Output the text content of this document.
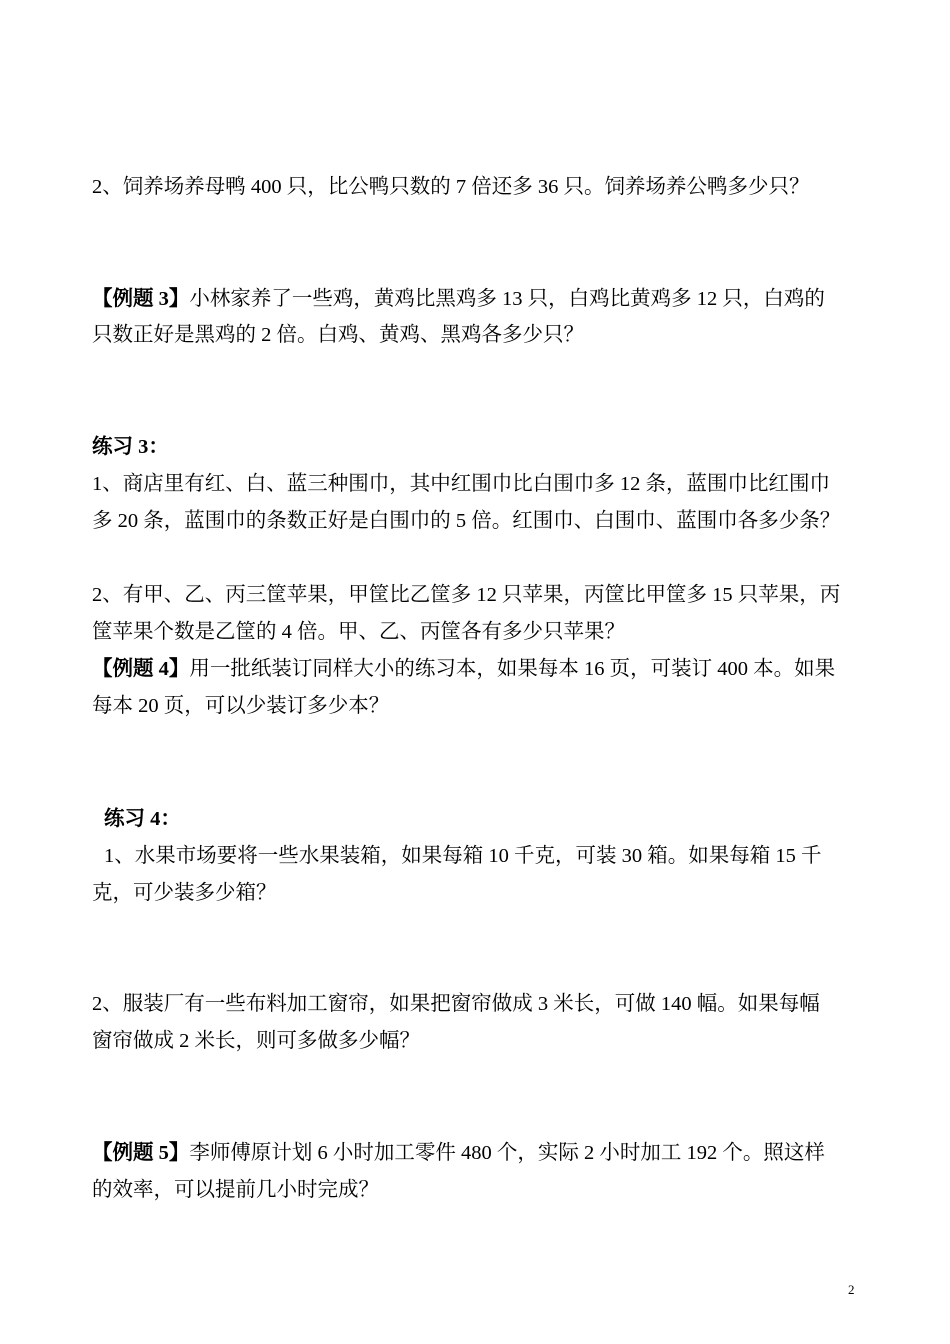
2、饲养场养母鸭 400 只，比公鸭只数的 7 倍还多 36 只。饲养场养公鸭多少只？
【例题 3】小林家养了一些鸡，黄鸡比黑鸡多 13 只，白鸡比黄鸡多 12 只，白鸡的
只数正好是黑鸡的 2 倍。白鸡、黄鸡、黑鸡各多少只？
练习 3：
1、商店里有红、白、蓝三种围巾，其中红围巾比白围巾多 12 条，蓝围巾比红围巾
多 20 条，蓝围巾的条数正好是白围巾的 5 倍。红围巾、白围巾、蓝围巾各多少条？
2、有甲、乙、丙三筐苹果，甲筐比乙筐多 12 只苹果，丙筐比甲筐多 15 只苹果，丙
筐苹果个数是乙筐的 4 倍。甲、乙、丙筐各有多少只苹果？
【例题 4】用一批纸装订同样大小的练习本，如果每本 16 页，可装订 400 本。如果
每本 20 页，可以少装订多少本？
练习 4：
1、水果市场要将一些水果装箱，如果每箱 10 千克，可装 30 箱。如果每箱 15 千
克，可少装多少箱？
2、服装厂有一些布料加工窗帘，如果把窗帘做成 3 米长，可做 140 幅。如果每幅
窗帘做成 2 米长，则可多做多少幅？
【例题 5】李师傅原计划 6 小时加工零件 480 个，实际 2 小时加工 192 个。照这样
的效率，可以提前几小时完成？
2
